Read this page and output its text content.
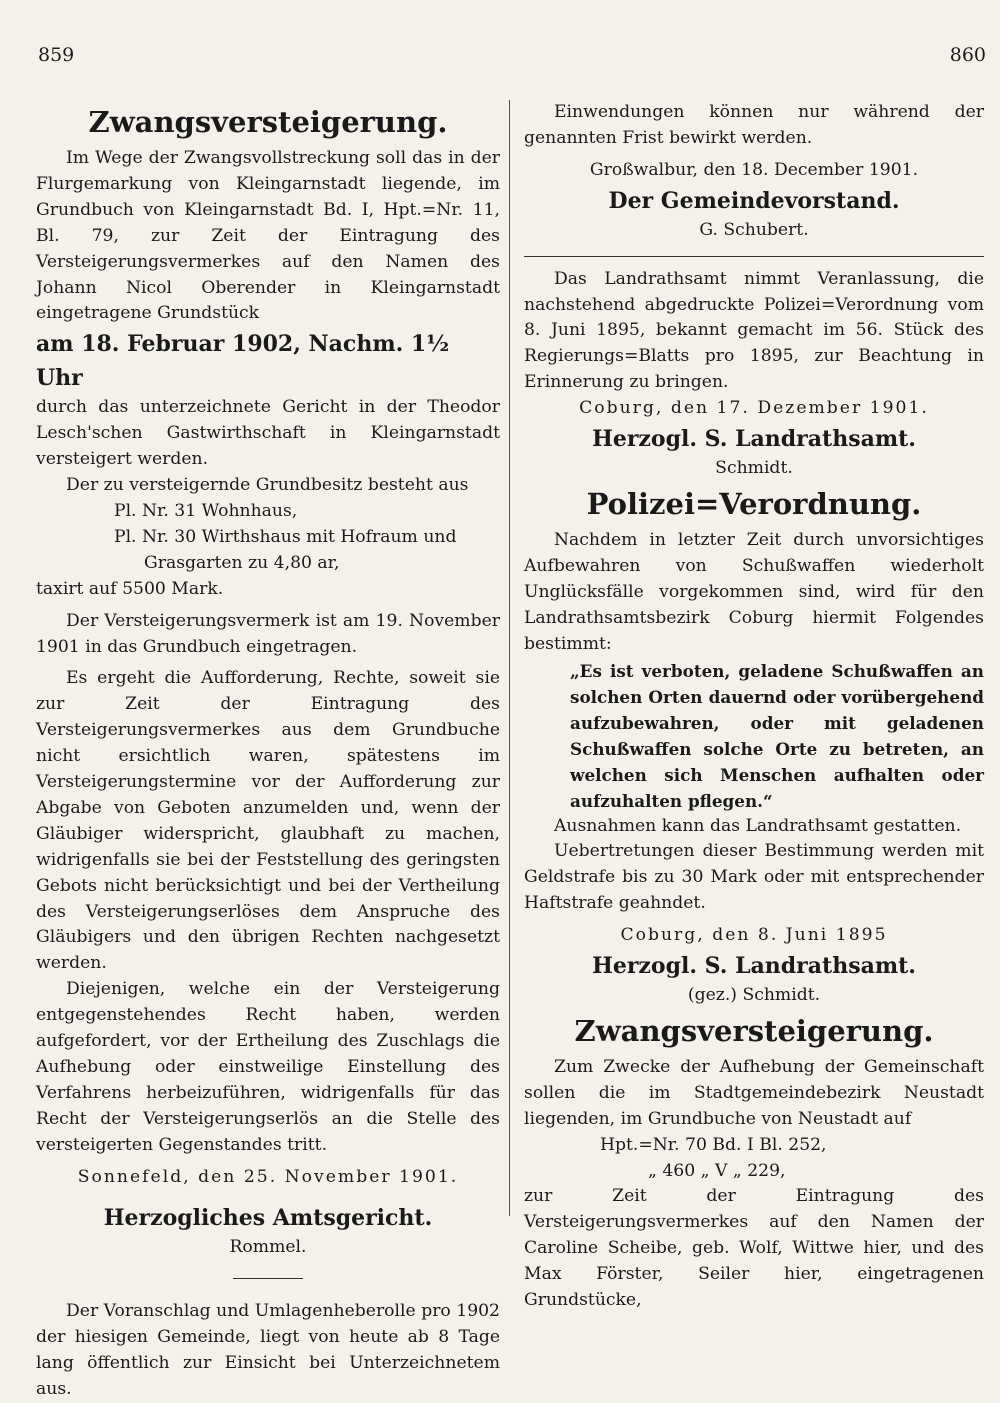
859	860

Zwangsversteigerung.

Im Wege der Zwangsvollstreckung soll das in der Flurgemarkung von Kleingarnstadt liegende, im Grundbuch von Kleingarnstadt Bd. I, Hpt.=Nr. 11, Bl. 79, zur Zeit der Eintragung des Versteigerungsvermerkes auf den Namen des Johann Nicol Oberender in Kleingarnstadt eingetragene Grundstück

am 18. Februar 1902, Nachm. 1½ Uhr

durch das unterzeichnete Gericht in der Theodor Lesch'schen Gastwirthschaft in Kleingarnstadt versteigert werden.

Der zu versteigernde Grundbesitz besteht aus

Pl. Nr. 31 Wohnhaus,

Pl. Nr. 30 Wirthshaus mit Hofraum und

Grasgarten zu 4,80 ar,

taxirt auf 5500 Mark.

Der Versteigerungsvermerk ist am 19. November 1901 in das Grundbuch eingetragen.

Es ergeht die Aufforderung, Rechte, soweit sie zur Zeit der Eintragung des Versteigerungsvermerkes aus dem Grundbuche nicht ersichtlich waren, spätestens im Versteigerungstermine vor der Aufforderung zur Abgabe von Geboten anzumelden und, wenn der Gläubiger widerspricht, glaubhaft zu machen, widrigenfalls sie bei der Feststellung des geringsten Gebots nicht berücksichtigt und bei der Vertheilung des Versteigerungserlöses dem Anspruche des Gläubigers und den übrigen Rechten nachgesetzt werden.

Diejenigen, welche ein der Versteigerung entgegenstehendes Recht haben, werden aufgefordert, vor der Ertheilung des Zuschlags die Aufhebung oder einstweilige Einstellung des Verfahrens herbeizuführen, widrigenfalls für das Recht der Versteigerungserlös an die Stelle des versteigerten Gegenstandes tritt.

Sonnefeld, den 25. November 1901.

Herzogliches Amtsgericht.

Rommel.

Der Voranschlag und Umlagenheberolle pro 1902 der hiesigen Gemeinde, liegt von heute ab 8 Tage lang öffentlich zur Einsicht bei Unterzeichnetem aus.

Einwendungen können nur während der genannten Frist bewirkt werden.

Großwalbur, den 18. December 1901.

Der Gemeindevorstand.

G. Schubert.

Das Landrathsamt nimmt Veranlassung, die nachstehend abgedruckte Polizei=Verordnung vom 8. Juni 1895, bekannt gemacht im 56. Stück des Regierungs=Blatts pro 1895, zur Beachtung in Erinnerung zu bringen.

Coburg, den 17. Dezember 1901.

Herzogl. S. Landrathsamt.

Schmidt.

Polizei=Verordnung.

Nachdem in letzter Zeit durch unvorsichtiges Aufbewahren von Schußwaffen wiederholt Unglücksfälle vorgekommen sind, wird für den Landrathsamtsbezirk Coburg hiermit Folgendes bestimmt:

„Es ist verboten, geladene Schußwaffen an solchen Orten dauernd oder vorübergehend aufzubewahren, oder mit geladenen Schußwaffen solche Orte zu betreten, an welchen sich Menschen aufhalten oder aufzuhalten pflegen.“

Ausnahmen kann das Landrathsamt gestatten.

Uebertretungen dieser Bestimmung werden mit Geldstrafe bis zu 30 Mark oder mit entsprechender Haftstrafe geahndet.

Coburg, den 8. Juni 1895

Herzogl. S. Landrathsamt.

(gez.) Schmidt.

Zwangsversteigerung.

Zum Zwecke der Aufhebung der Gemeinschaft sollen die im Stadtgemeindebezirk Neustadt liegenden, im Grundbuche von Neustadt auf

Hpt.=Nr. 70 Bd. I Bl. 252,

„ 460 „ V „ 229,

zur Zeit der Eintragung des Versteigerungsvermerkes auf den Namen der Caroline Scheibe, geb. Wolf, Wittwe hier, und des Max Förster, Seiler hier, eingetragenen Grundstücke,
